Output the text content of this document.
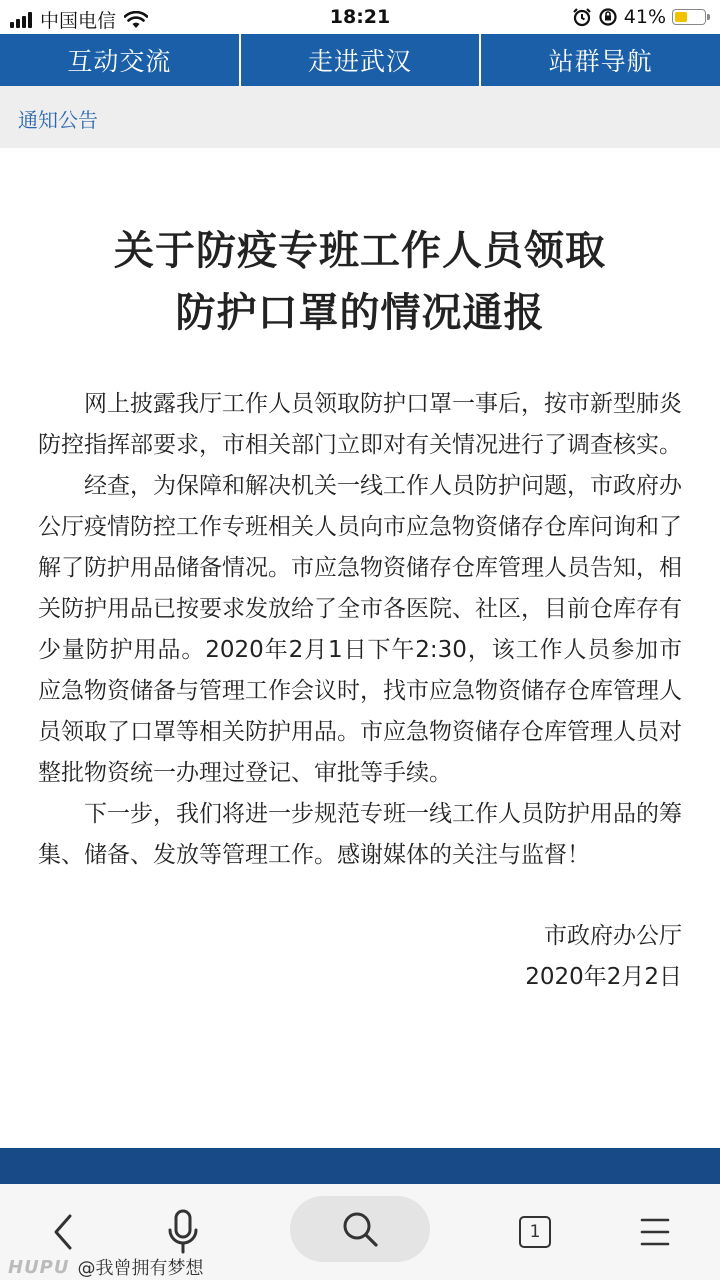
中国电信	18:21	41%
互动交流	走进武汉	站群导航
通知公告
关于防疫专班工作人员领取
防护口罩的情况通报

网上披露我厅工作人员领取防护口罩一事后，按市新型肺炎防控指挥部要求，市相关部门立即对有关情况进行了调查核实。

经查，为保障和解决机关一线工作人员防护问题，市政府办公厅疫情防控工作专班相关人员向市应急物资储存仓库问询和了解了防护用品储备情况。市应急物资储存仓库管理人员告知，相关防护用品已按要求发放给了全市各医院、社区，目前仓库存有少量防护用品。2020年2月1日下午2:30，该工作人员参加市应急物资储备与管理工作会议时，找市应急物资储存仓库管理人员领取了口罩等相关防护用品。市应急物资储存仓库管理人员对整批物资统一办理过登记、审批等手续。

下一步，我们将进一步规范专班一线工作人员防护用品的筹集、储备、发放等管理工作。感谢媒体的关注与监督！

市政府办公厅
2020年2月2日
1
HUPU @我曾拥有梦想
